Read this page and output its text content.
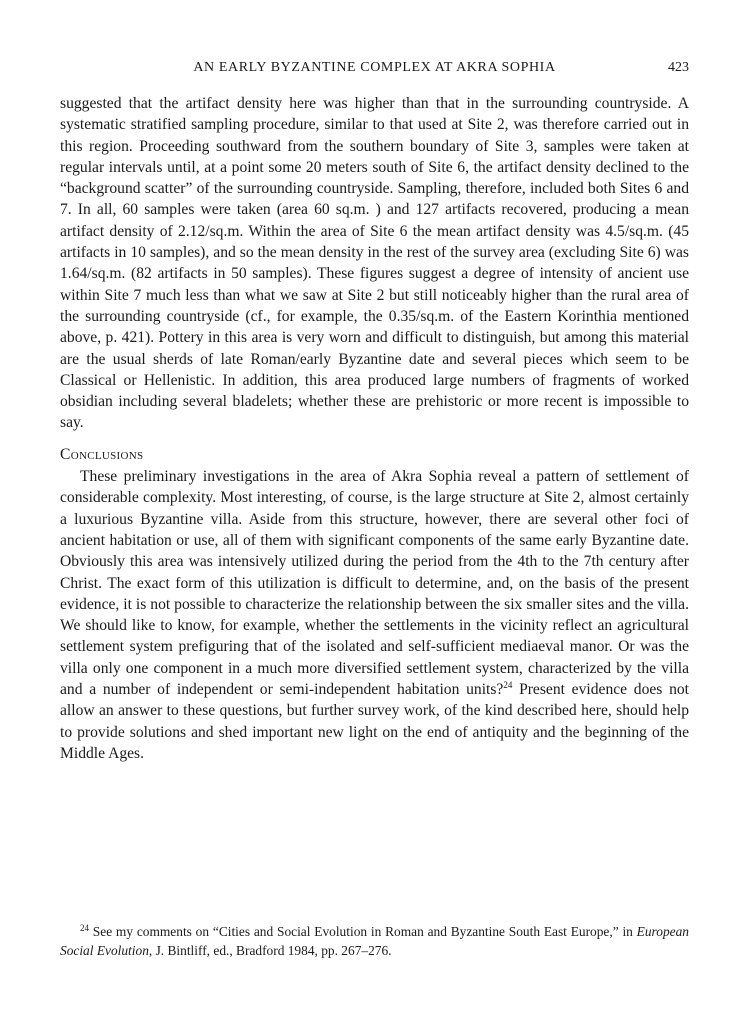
AN EARLY BYZANTINE COMPLEX AT AKRA SOPHIA	423

suggested that the artifact density here was higher than that in the surrounding countryside. A systematic stratified sampling procedure, similar to that used at Site 2, was therefore carried out in this region. Proceeding southward from the southern boundary of Site 3, samples were taken at regular intervals until, at a point some 20 meters south of Site 6, the artifact density declined to the “background scatter” of the surrounding countryside. Sampling, therefore, included both Sites 6 and 7. In all, 60 samples were taken (area 60 sq.m. ) and 127 artifacts recovered, producing a mean artifact density of 2.12/sq.m. Within the area of Site 6 the mean artifact density was 4.5/sq.m. (45 artifacts in 10 samples), and so the mean density in the rest of the survey area (excluding Site 6) was 1.64/sq.m. (82 artifacts in 50 samples). These figures suggest a degree of intensity of ancient use within Site 7 much less than what we saw at Site 2 but still noticeably higher than the rural area of the surrounding countryside (cf., for example, the 0.35/sq.m. of the Eastern Korinthia mentioned above, p. 421). Pottery in this area is very worn and difficult to distinguish, but among this material are the usual sherds of late Roman/early Byzantine date and several pieces which seem to be Classical or Hellenistic. In addition, this area produced large numbers of fragments of worked obsidian including several bladelets; whether these are prehistoric or more recent is impossible to say.

Conclusions

These preliminary investigations in the area of Akra Sophia reveal a pattern of settlement of considerable complexity. Most interesting, of course, is the large structure at Site 2, almost certainly a luxurious Byzantine villa. Aside from this structure, however, there are several other foci of ancient habitation or use, all of them with significant components of the same early Byzantine date. Obviously this area was intensively utilized during the period from the 4th to the 7th century after Christ. The exact form of this utilization is difficult to determine, and, on the basis of the present evidence, it is not possible to characterize the relationship between the six smaller sites and the villa. We should like to know, for example, whether the settlements in the vicinity reflect an agricultural settlement system prefiguring that of the isolated and self-sufficient mediaeval manor. Or was the villa only one component in a much more diversified settlement system, characterized by the villa and a number of independent or semi-independent habitation units?$^{24}$ Present evidence does not allow an answer to these questions, but further survey work, of the kind described here, should help to provide solutions and shed important new light on the end of antiquity and the beginning of the Middle Ages.

$^{24}$ See my comments on “Cities and Social Evolution in Roman and Byzantine South East Europe,” in European Social Evolution, J. Bintliff, ed., Bradford 1984, pp. 267–276.
